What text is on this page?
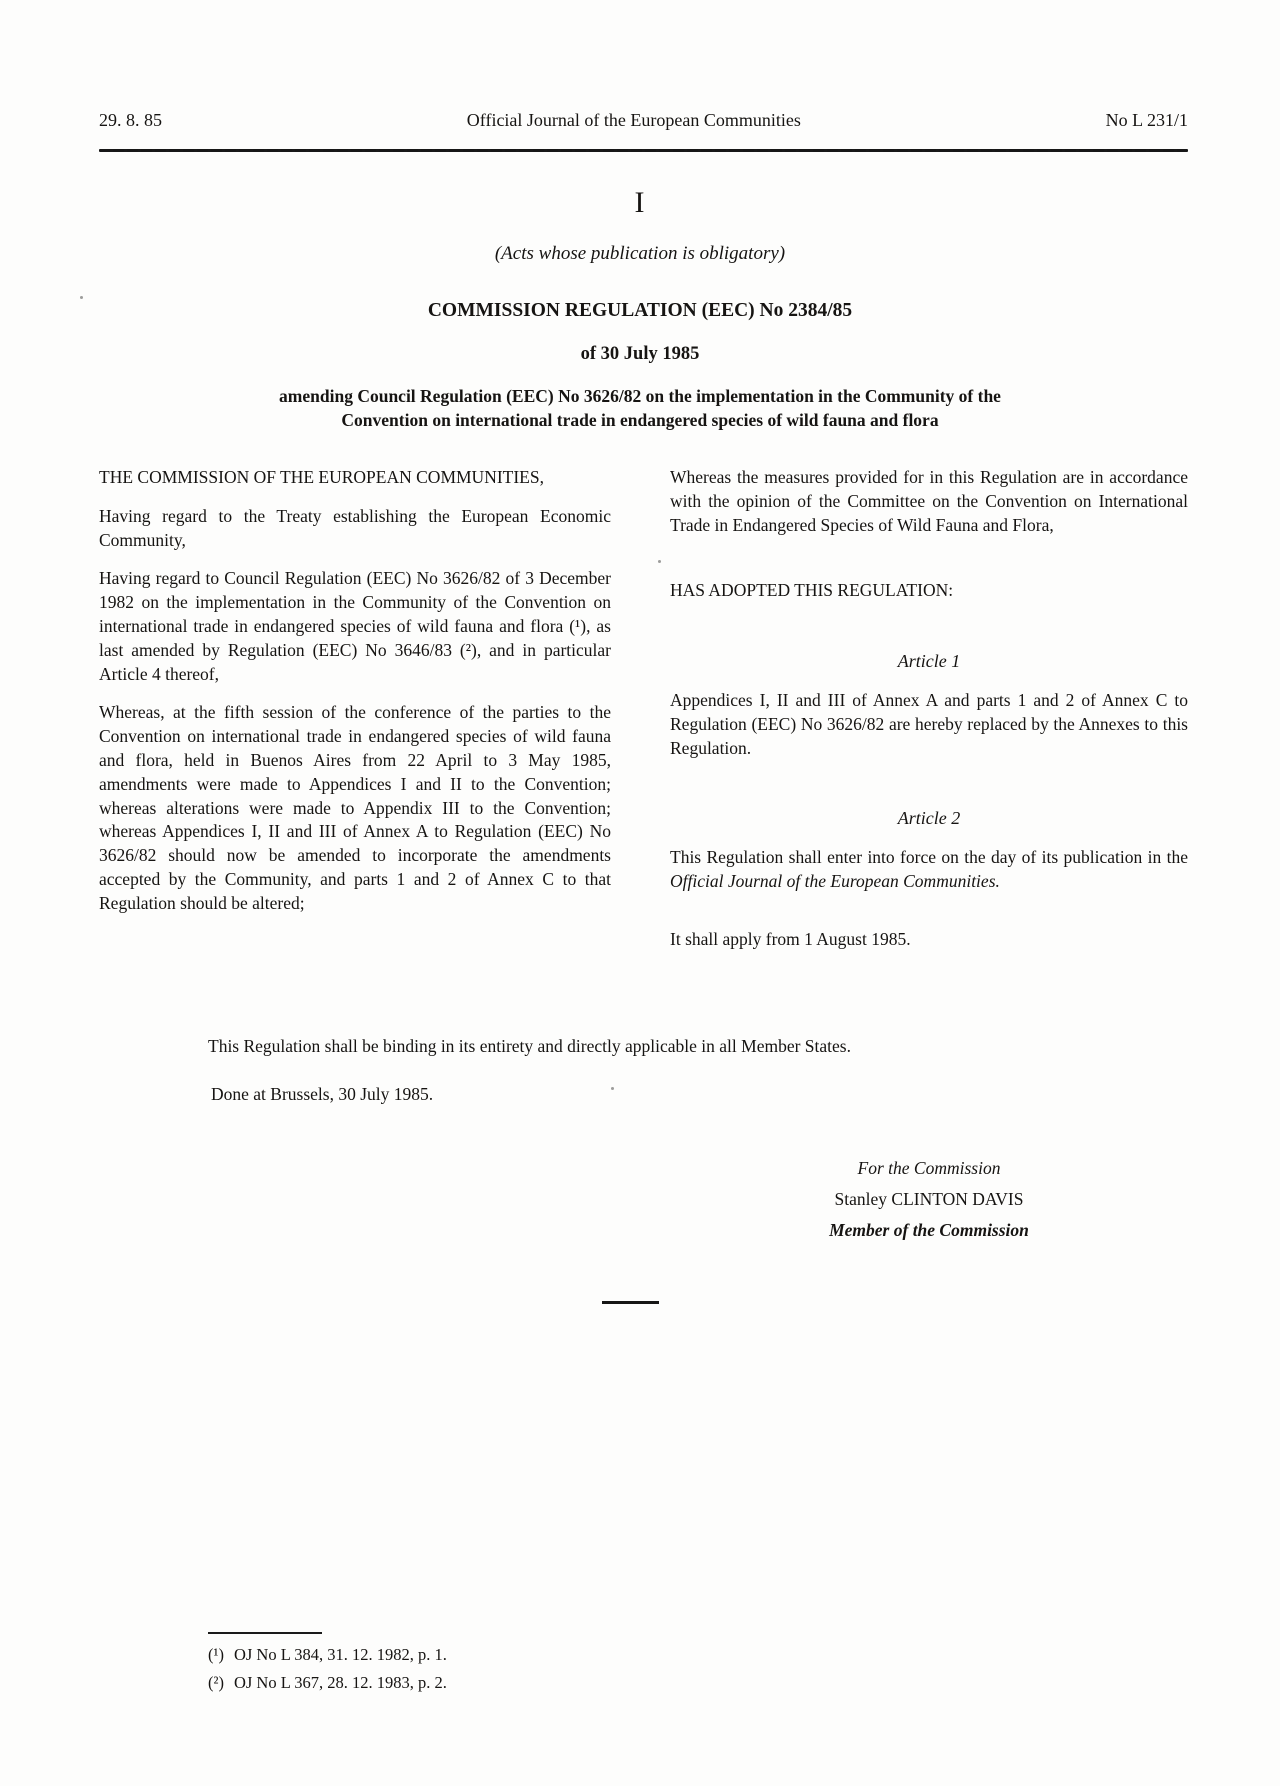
29. 8. 85	Official Journal of the European Communities	No L 231/1
I
(Acts whose publication is obligatory)
COMMISSION REGULATION (EEC) No 2384/85
of 30 July 1985
amending Council Regulation (EEC) No 3626/82 on the implementation in the Community of the Convention on international trade in endangered species of wild fauna and flora

THE COMMISSION OF THE EUROPEAN COMMUNITIES,

Having regard to the Treaty establishing the European Economic Community,

Having regard to Council Regulation (EEC) No 3626/82 of 3 December 1982 on the implementation in the Community of the Convention on international trade in endangered species of wild fauna and flora (¹), as last amended by Regulation (EEC) No 3646/83 (²), and in particular Article 4 thereof,

Whereas, at the fifth session of the conference of the parties to the Convention on international trade in endangered species of wild fauna and flora, held in Buenos Aires from 22 April to 3 May 1985, amendments were made to Appendices I and II to the Convention; whereas alterations were made to Appendix III to the Convention; whereas Appendices I, II and III of Annex A to Regulation (EEC) No 3626/82 should now be amended to incorporate the amendments accepted by the Community, and parts 1 and 2 of Annex C to that Regulation should be altered;

Whereas the measures provided for in this Regulation are in accordance with the opinion of the Committee on the Convention on International Trade in Endangered Species of Wild Fauna and Flora,

HAS ADOPTED THIS REGULATION:

Article 1

Appendices I, II and III of Annex A and parts 1 and 2 of Annex C to Regulation (EEC) No 3626/82 are hereby replaced by the Annexes to this Regulation.

Article 2

This Regulation shall enter into force on the day of its publication in the Official Journal of the European Communities.

It shall apply from 1 August 1985.

This Regulation shall be binding in its entirety and directly applicable in all Member States.
Done at Brussels, 30 July 1985.
For the Commission
Stanley CLINTON DAVIS
Member of the Commission
(¹) OJ No L 384, 31. 12. 1982, p. 1.
(²) OJ No L 367, 28. 12. 1983, p. 2.
